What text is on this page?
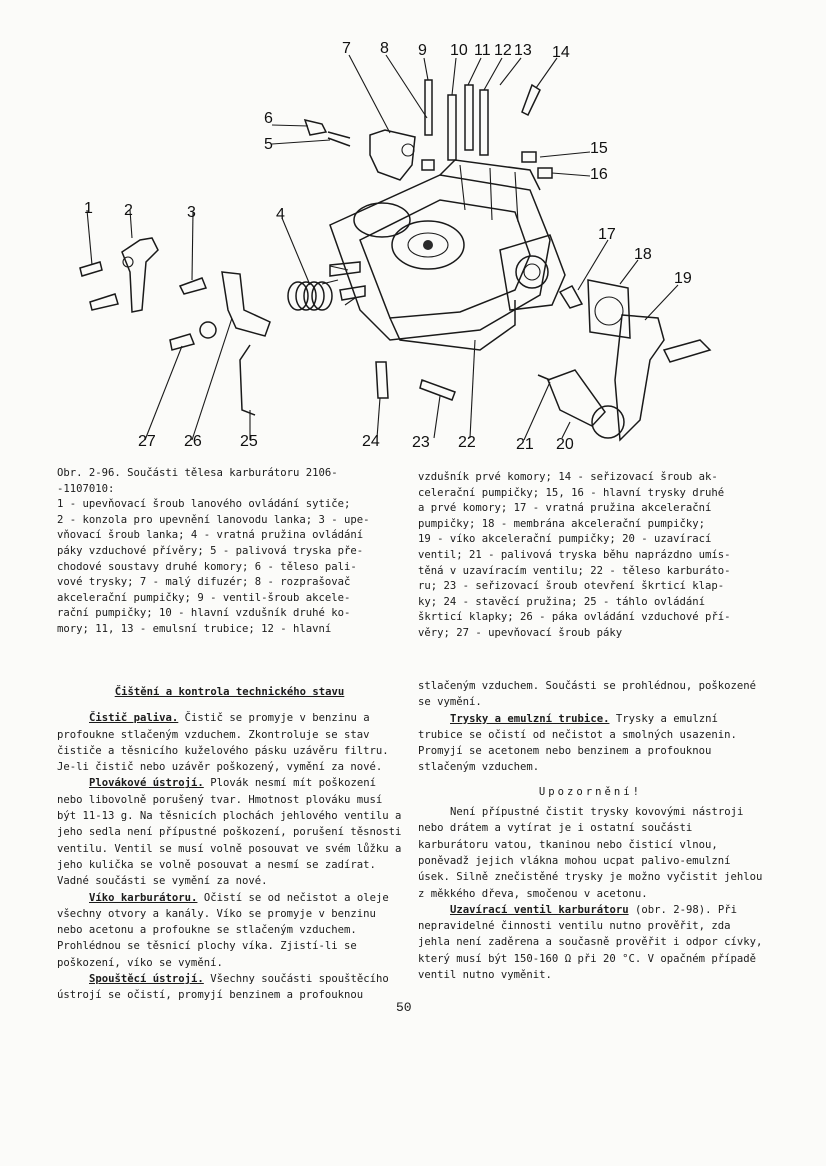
7 8 9 10 11 12 13 14
6
5	15
16
1 2	3	4
17
18
19
27 26 25	24 23 22	21 20

Obr. 2-96. Součásti tělesa karburátoru 2106-

-1107010:

1 - upevňovací šroub lanového ovládání sytiče;

2 - konzola pro upevnění lanovodu lanka; 3 - upe-

vňovací šroub lanka; 4 - vratná pružina ovládání

páky vzduchové přívěry; 5 - palivová tryska pře-

chodové soustavy druhé komory; 6 - těleso pali-

vové trysky; 7 - malý difuzér; 8 - rozprašovač

akcelerační pumpičky; 9 - ventil-šroub akcele-

rační pumpičky; 10 - hlavní vzdušník druhé ko-

mory; 11, 13 - emulsní trubice; 12 - hlavní

vzdušník prvé komory; 14 - seřizovací šroub ak-

celerační pumpičky; 15, 16 - hlavní trysky druhé

a prvé komory; 17 - vratná pružina akcelerační

pumpičky; 18 - membrána akcelerační pumpičky;

19 - víko akcelerační pumpičky; 20 - uzavírací

ventil; 21 - palivová tryska běhu naprázdno umís-

těná v uzavíracím ventilu; 22 - těleso karburáto-

ru; 23 - seřizovací šroub otevření škrticí klap-

ky; 24 - stavěcí pružina; 25 - táhlo ovládání

škrticí klapky; 26 - páka ovládání vzduchové pří-

věry; 27 - upevňovací šroub páky

Čištění a kontrola technického stavu

Čistič paliva. Čistič se promyje v benzinu a profoukne stlačeným vzduchem. Zkontroluje se stav čističe a těsnicího kuželového pásku uzávěru filtru. Je-li čistič nebo uzávěr poškozený, vymění za nové.

Plovákové ústrojí. Plovák nesmí mít poškození nebo libovolně porušený tvar. Hmotnost plováku musí být 11-13 g. Na těsnicích plochách jehlového ventilu a jeho sedla není přípustné poškození, porušení těsnosti ventilu. Ventil se musí volně posouvat ve svém lůžku a jeho kulička se volně posouvat a nesmí se zadírat. Vadné součásti se vymění za nové.

Víko karburátoru. Očistí se od nečistot a oleje všechny otvory a kanály. Víko se promyje v benzinu nebo acetonu a profoukne se stlačeným vzduchem. Prohlédnou se těsnicí plochy víka. Zjistí-li se poškození, víko se vymění.

Spouštěcí ústrojí. Všechny součásti spouštěcího ústrojí se očistí, promyjí benzinem a profouknou

stlačeným vzduchem. Součásti se prohlédnou, poškozené se vymění.

Trysky a emulzní trubice. Trysky a emulzní trubice se očistí od nečistot a smolných usazenin. Promyjí se acetonem nebo benzinem a profouknou stlačeným vzduchem.

Upozornění!

Není přípustné čistit trysky kovovými nástroji nebo drátem a vytírat je i ostatní součásti karburátoru vatou, tkaninou nebo čisticí vlnou, poněvadž jejich vlákna mohou ucpat palivo-emulzní úsek. Silně znečistěné trysky je možno vyčistit jehlou z měkkého dřeva, smočenou v acetonu.

Uzavírací ventil karburátoru (obr. 2-98). Při nepravidelné činnosti ventilu nutno prověřit, zda jehla není zaděrena a současně prověřit i odpor cívky, který musí být 150-160 Ω při 20 °C. V opačném případě ventil nutno vyměnit.

50
